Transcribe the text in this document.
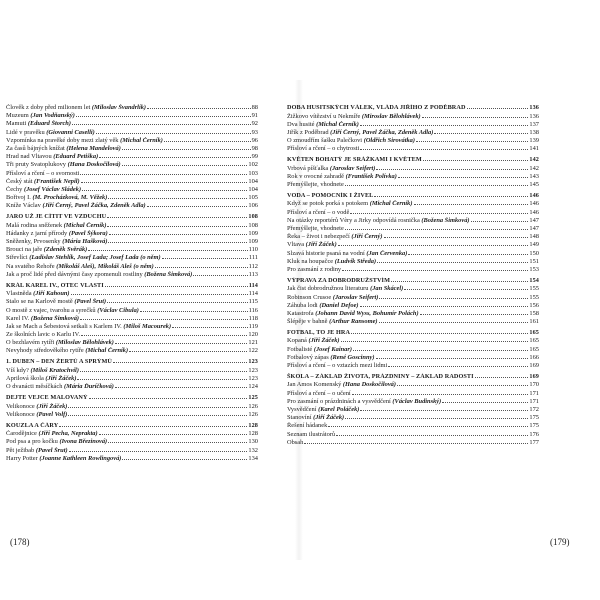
Člověk z doby před milionem let (Miloslav Švandrlík)	88
Muzeum (Jan Vodňanský)	91
Mamuti (Eduard Štorch)	92
Lidé v pravěku (Giovanni Caselli)	93
Vzpomínka na pravěké doby mezi zlatý věk (Michal Černík)	96
Za časů bájných knížat (Helena Mandelová)	98
Hrad nad Vltavou (Eduard Petiška)	99
Tři pruty Svatoplukovy (Hana Doskočilová)	102
Přísloví a rčení – o svornosti	103
Český stát (František Nepil)	104
Čechy (Josef Václav Sládek)	104
Bořivoj I. (M. Procházková, M. Věžek)	105
Kníže Václav (Jiří Černý, Pavel Žáčka, Zdeněk Adla)	106
JARO UŽ JE CÍTIT VE VZDUCHU	108
Malá rodina sněženek (Michal Černík)	108
Hádanky z jarní přírody (Pavel Šýkora)	109
Sněženky, Prvosenky (Mária Hašková)	109
Brouci na jaře (Zdeněk Svěrák)	110
Střevlíci (Ladislav Stehlík, Josef Lada; Josef Lada (o něm)	111
Na svatého Řehoře (Mikoláš Aleš), Mikoláš Aleš (o něm)	112
Jak a proč lidé před dávnými časy zpomenuli rostliny (Božena Šimková)	113
KRÁL KAREL IV., OTEC VLASTI	114
Vlastněda (Jiří Kahoun)	114
Stalo se na Karlově mostě (Pavel Šrut)	115
O mostě z vajec, tvarohu a syrečků (Václav Cibula)	116
Karel IV. (Božena Šimková)	118
Jak se Mach a Šebestová setkali s Karlem IV. (Miloš Macourek)	119
Ze školních lavic o Karlu IV.	120
O bezhlavém rytíři (Miloslav Bělohlávek)	121
Nevyhody středověkého rytíře (Michal Černík)	122
1. DUBEN – DEN ŽERTŮ A SPRÝMŮ	123
Víš kdy? (Miloš Kratochvíl)	123
Aprilová škola (Jiří Žáček)	123
O dvanácti měsíčkách (Mária Ďuríčková)	124
DEJTE VEJCE MALOVANÝ	125
Velikonoce (Jiří Žáček)	126
Velikonoce (Pavel Volf)	126
KOUZLA A ČÁRY	128
Čarodějnice (Jiří Pecha, Nepraktа)	128
Pod psa a pro kočku (Ivona Březinová)	130
Pět ježibab (Pavel Šrut)	132
Harry Potter (Joanne Kathleen Rowlingová)	134
DOBA HUSITSKÝCH VÁLEK, VLÁDA JIŘÍHO Z PODĚBRAD	136
Žižkovo vítězství u Nekmíře (Miroslav Bělohlávek)	136
Dva husité (Michal Černík)	137
Jiřík z Poděbrad (Jiří Černý, Pavel Žáčka, Zdeněk Adla)	138
O zmoudřím šašku Palečkovi (Oldřich Sirovátka)	139
Přísloví a rčení – o chytrosti	141
KVĚTEN BOHATÝ JE SRÁŽKAMI I KVĚTEM	142
Vrbová píšťalka (Jaroslav Seifert)	142
Rok v ovocné zahradě (František Polívka)	143
Přemýšlejte, vhodnete	145
VODA – POMOCNÍK I ŽIVEL	146
Když se potok porká s potokem (Michal Černík)	146
Přísloví a rčení – o vodě	146
Na otázky reportérů Vèry a Jirky odpovídá rosnička (Božena Šimková)	147
Přemýšlejte, vhodnete	147
Řeka – život i nebezpečí (Jiří Černý)	148
Vltava (Jiří Žáček)	149
Slzavá historie psaná na vodní (Jan Červenka)	150
Kluk na houpačce (Ludvík Středa)	151
Pro zasmání z rodiny	153
VÝPRAVA ZA DOBRODRUŽSTVÍM	154
Jak čist dobrodružnou literaturu (Jan Skácel)	155
Robinson Crusoe (Jaroslav Seifert)	155
Záhuba lodi (Daniel Defoe)	156
Katastrofa (Johann David Wyss, Bohumír Polách)	158
Šlépěje v bahně (Arthur Ransome)	161
FOTBAL, TO JE HRA	165
Kopaná (Jiří Žáček)	165
Fotbalisté (Josef Kainar)	165
Fotbalový zápas (René Goscinny)	166
Přísloví a rčení – o vztazích mezi lidmi	169
ŠKOLA – ZÁKLAD ŽIVOTA, PRÁZDNINY – ZÁKLAD RADOSTI	169
Jan Amos Komenský (Hana Doskočilová)	170
Přísloví a rčení – o učení	171
Pro zasmání o prázdninách a vysvědčení (Václav Budinský)	171
Vysvědčení (Karel Poláček)	172
Stanovíní (Jiří Žáček)	175
Řešení hádanek	175
Seznam ilustrátorů	176
Obsah	177
(178)	(179)
